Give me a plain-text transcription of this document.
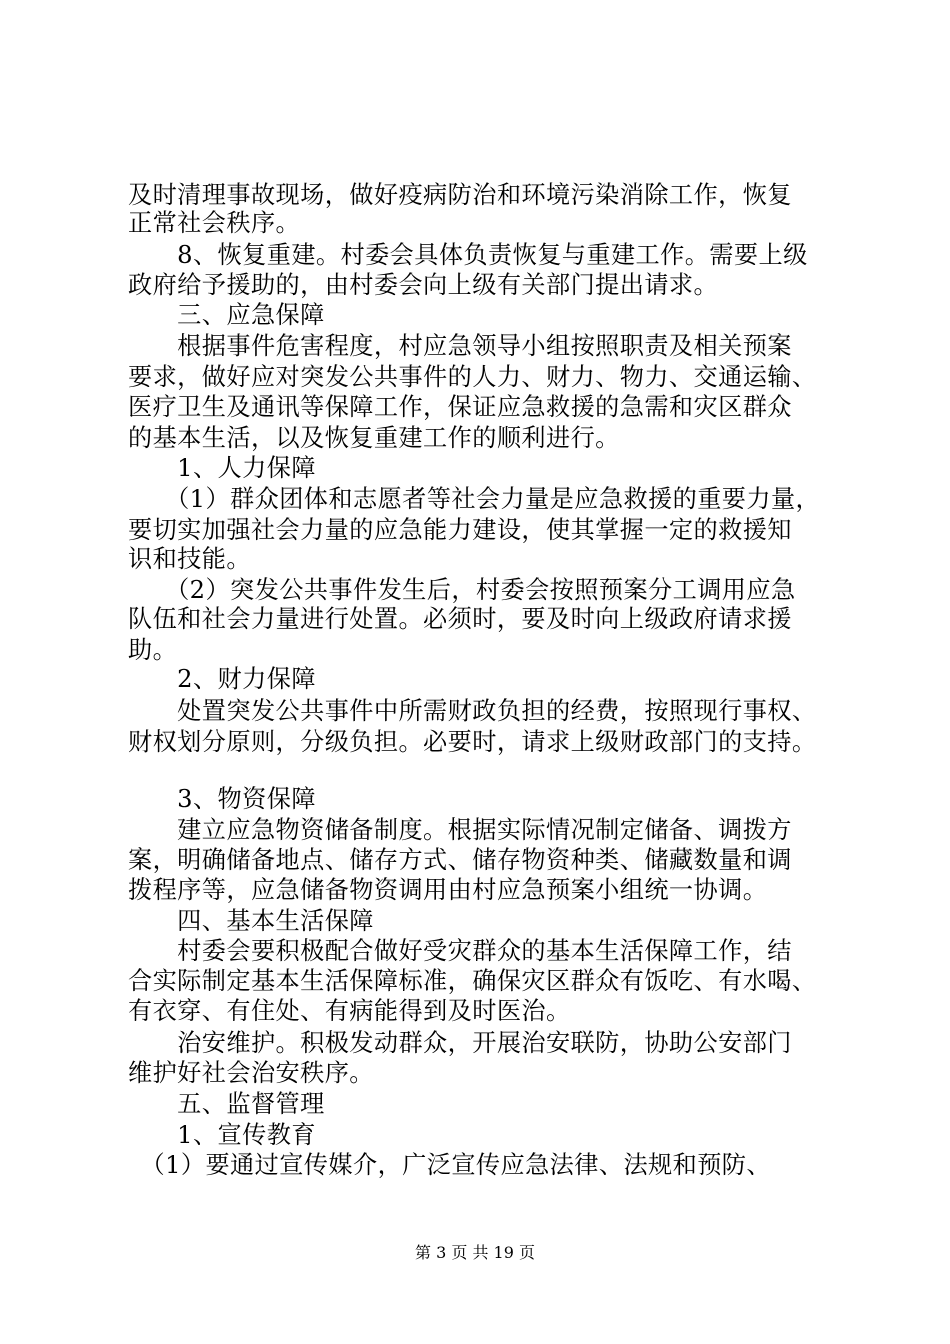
及时清理事故现场，做好疫病防治和环境污染消除工作，恢复
正常社会秩序。
　　8、恢复重建。村委会具体负责恢复与重建工作。需要上级
政府给予援助的，由村委会向上级有关部门提出请求。
　　三、应急保障
　　根据事件危害程度，村应急领导小组按照职责及相关预案
要求，做好应对突发公共事件的人力、财力、物力、交通运输、
医疗卫生及通讯等保障工作，保证应急救援的急需和灾区群众
的基本生活，以及恢复重建工作的顺利进行。
　　1、人力保障
　　（1）群众团体和志愿者等社会力量是应急救援的重要力量，
要切实加强社会力量的应急能力建设，使其掌握一定的救援知
识和技能。
　　（2）突发公共事件发生后，村委会按照预案分工调用应急
队伍和社会力量进行处置。必须时，要及时向上级政府请求援
助。
　　2、财力保障
　　处置突发公共事件中所需财政负担的经费，按照现行事权、
财权划分原则，分级负担。必要时，请求上级财政部门的支持。
　　3、物资保障
　　建立应急物资储备制度。根据实际情况制定储备、调拨方
案，明确储备地点、储存方式、储存物资种类、储藏数量和调
拨程序等，应急储备物资调用由村应急预案小组统一协调。
　　四、基本生活保障
　　村委会要积极配合做好受灾群众的基本生活保障工作，结
合实际制定基本生活保障标准，确保灾区群众有饭吃、有水喝、
有衣穿、有住处、有病能得到及时医治。
　　治安维护。积极发动群众，开展治安联防，协助公安部门
维护好社会治安秩序。
　　五、监督管理
　　1、宣传教育
　（1）要通过宣传媒介，广泛宣传应急法律、法规和预防、
第 3 页 共 19 页
